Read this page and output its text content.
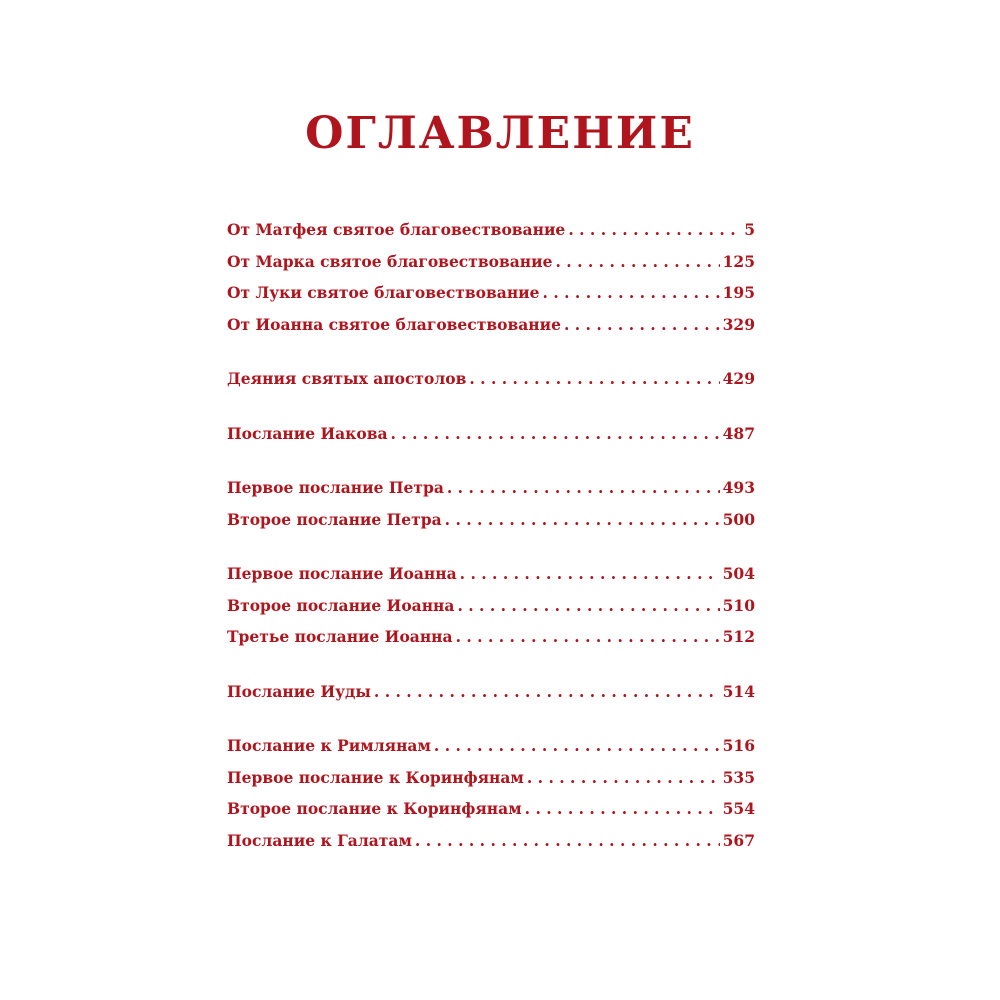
ОГЛАВЛЕНИЕ
От Матфея святое благовествование . . .	5
От Марка святое благовествование . . .	125
От Луки святое благовествование . . .	195
От Иоанна святое благовествование . . .	329
Деяния святых апостолов . . .	429
Послание Иакова . . .	487
Первое послание Петра . . .	493
Второе послание Петра . . .	500
Первое послание Иоанна . . .	504
Второе послание Иоанна . . .	510
Третье послание Иоанна . . .	512
Послание Иуды . . .	514
Послание к Римлянам . . .	516
Первое послание к Коринфянам . . .	535
Второе послание к Коринфянам . . .	554
Послание к Галатам . . .	567
